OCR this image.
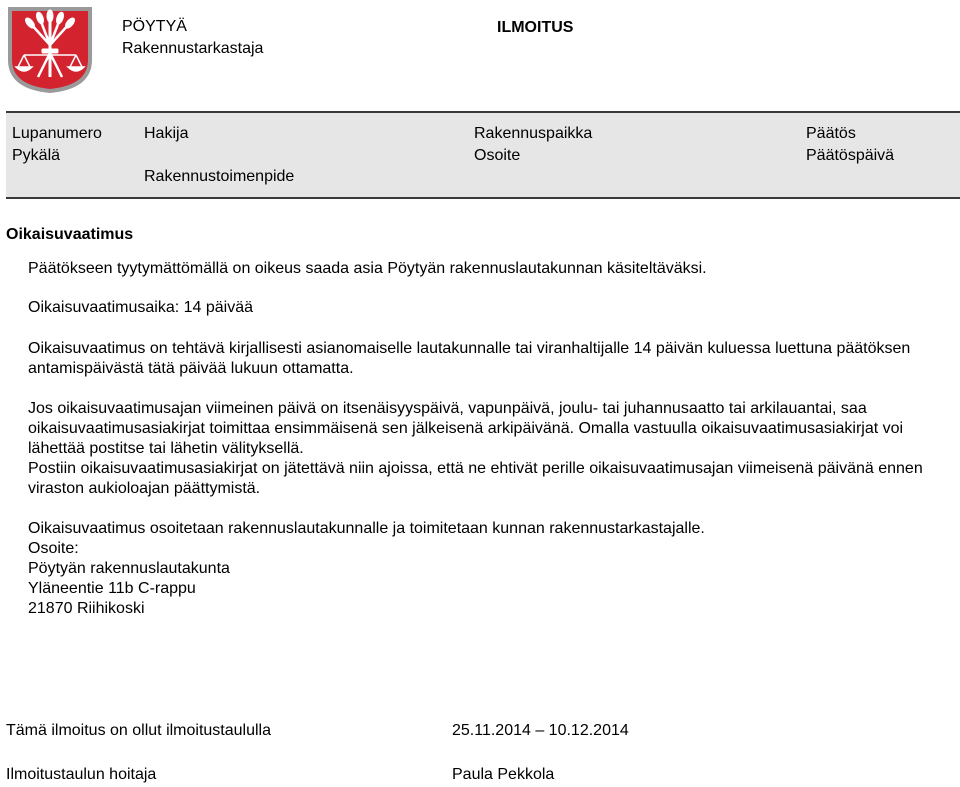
PÖYTYÄ
Rakennustarkastaja
ILMOITUS
Lupanumero
Pykälä
Hakija
Rakennustoimenpide
Rakennuspaikka
Osoite
Päätös
Päätöspäivä
Oikaisuvaatimus

Päätökseen tyytymättömällä on oikeus saada asia Pöytyän rakennuslautakunnan käsiteltäväksi.

Oikaisuvaatimusaika: 14 päivää

Oikaisuvaatimus on tehtävä kirjallisesti asianomaiselle lautakunnalle tai viranhaltijalle 14 päivän kuluessa luettuna päätöksen antamispäivästä tätä päivää lukuun ottamatta.

Jos oikaisuvaatimusajan viimeinen päivä on itsenäisyyspäivä, vapunpäivä, joulu- tai juhannusaatto tai arkilauantai, saa oikaisuvaatimusasiakirjat toimittaa ensimmäisenä sen jälkeisenä arkipäivänä. Omalla vastuulla oikaisuvaatimusasiakirjat voi lähettää postitse tai lähetin välityksellä.

Postiin oikaisuvaatimusasiakirjat on jätettävä niin ajoissa, että ne ehtivät perille oikaisuvaatimusajan viimeisenä päivänä ennen viraston aukioloajan päättymistä.

Oikaisuvaatimus osoitetaan rakennuslautakunnalle ja toimitetaan kunnan rakennustarkastajalle.

Osoite:

Pöytyän rakennuslautakunta

Yläneentie 11b C-rappu

21870 Riihikoski

Tämä ilmoitus on ollut ilmoitustaululla	25.11.2014 – 10.12.2014
Ilmoitustaulun hoitaja	Paula Pekkola
